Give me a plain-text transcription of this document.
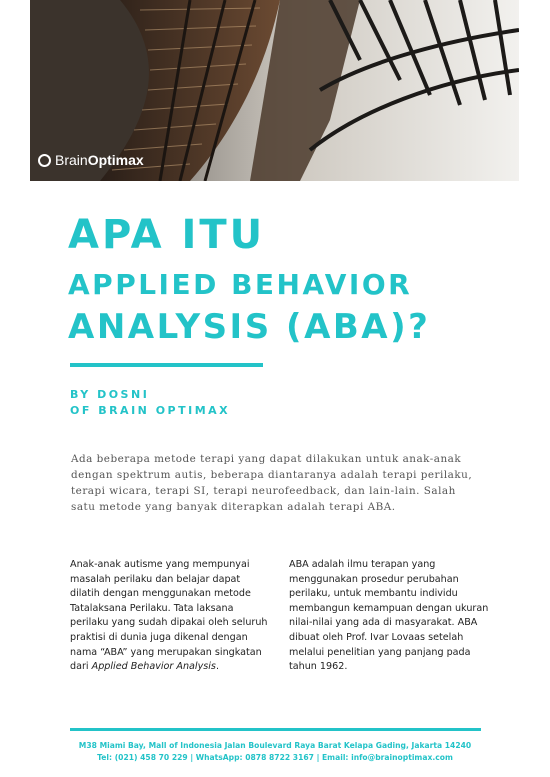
Brain Optimax
APA ITU
APPLIED BEHAVIOR
ANALYSIS (ABA)?
BY DOSNI
OF BRAIN OPTIMAX

Ada beberapa metode terapi yang dapat dilakukan untuk anak-anak dengan spektrum autis, beberapa diantaranya adalah terapi perilaku, terapi wicara, terapi SI, terapi neurofeedback, dan lain-lain. Salah satu metode yang banyak diterapkan adalah terapi ABA.

Anak-anak autisme yang mempunyai masalah perilaku dan belajar dapat dilatih dengan menggunakan metode Tatalaksana Perilaku. Tata laksana perilaku yang sudah dipakai oleh seluruh praktisi di dunia juga dikenal dengan nama “ABA” yang merupakan singkatan dari Applied Behavior Analysis.

ABA adalah ilmu terapan yang menggunakan prosedur perubahan perilaku, untuk membantu individu membangun kemampuan dengan ukuran nilai-nilai yang ada di masyarakat. ABA dibuat oleh Prof. Ivar Lovaas setelah melalui penelitian yang panjang pada tahun 1962.

M38 Miami Bay, Mall of Indonesia Jalan Boulevard Raya Barat Kelapa Gading, Jakarta 14240
Tel: (021) 458 70 229 | WhatsApp: 0878 8722 3167 | Email: info@brainoptimax.com
